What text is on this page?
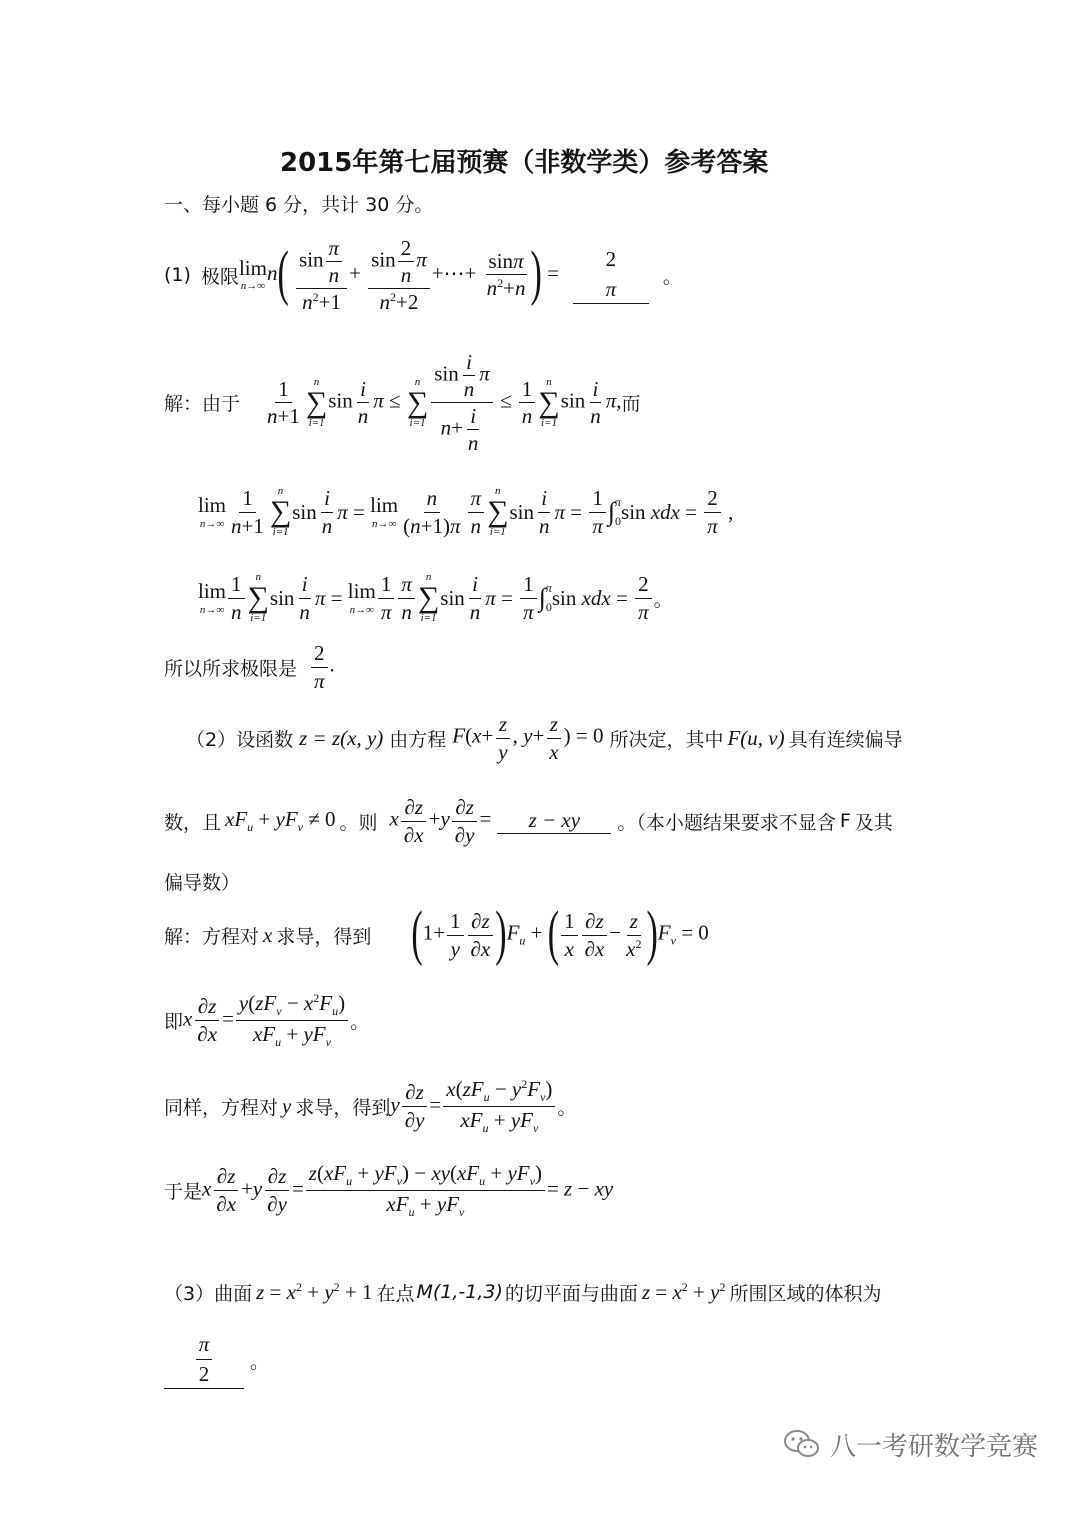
2015年第七届预赛（非数学类）参考答案
一、每小题 6 分，共计 30 分。
(1) 极限 lim
n→∞
$n( \frac{\sin \frac{\pi}{n}}{n^2+1} + \frac{\sin \frac{2}{n} \pi}{n^2+2}$ +⋯+ $\frac{\sin\pi}{n^2+n}$ ) =
2
π 。
解：由于 $\frac{1}{n+1}$ n
∑
i=1
$\sin \frac{i}{n}$ π ≤
n
∑
$i=1 \frac{\sin \frac{i}{n} \pi}{n+ \frac{i}{n}} \le \frac{1}{n}$ n
∑
i=1
$\sin \frac{i}{n} \pi$, 而
lim
$n\to\infty \frac{1}{n+1}$ n
∑
i=1
$\sin \frac{i}{n}$ π = lim
$n\to\infty \frac{n}{(n+1)\pi} \frac{\pi}{n}$ n
∑
i=1
$\sin \frac{i}{n}$ $\pi = \frac{1}{\pi}$ ∫ π
0 sin xdx = $\frac{2}{\pi}$ ,
lim
$n\to\infty \frac{1}{n}$ n
∑
i=1
$\sin \frac{i}{n}$ π = lim
$n\to\infty \frac{1}{\pi} \frac{\pi}{n}$ n
∑
i=1
$\sin \frac{i}{n}$ $\pi = \frac{1}{\pi}$ ∫ π
0 sin xdx = $\frac{2}{\pi}$ 。
所以所求极限是 $\frac{2}{\pi}$ .
（2） 设函数 z = z(x, y) 由方程 $F(x+ \frac{z}{y}$ , $y+ \frac{z}{x}$ ) = 0 所决定，其中 F(u, v) 具有连续偏导
数，且 $xF_u + yF_v \ne 0$ 。则 x $\frac{\partial z}{\partial x} +y \frac{\partial z}{\partial y}$ =	z − xy	。（本小题结果要求不显含 F 及其
偏导数）
解：方程对 x 求导，得到 $(1+ \frac{1}{y} \frac{\partial z}{\partial x} )F_u$ + ( $\frac{1}{x} \frac{\partial z}{\partial x} - \frac{z}{x^2} )F_v = 0$
即 x $\frac{\partial z}{\partial x} = \frac{y(zF_v - x^2F_u)}{xF_u + yF_v}$ 。
同样，方程对 y 求导，得到 y $\frac{\partial z}{\partial y} = \frac{x(zF_u - y^2F_v)}{xF_u + yF_v}$ 。
于是 x $\frac{\partial z}{\partial x} +y \frac{\partial z}{\partial y} = \frac{z(xF_u + yF_v) - xy(xF_u + yF_v)}{xF_u + yF_v} = z$ − xy
（3） 曲面 $z = x^2 + y^2 + 1$ 在点 M(1,-1,3) 的切平面与曲面 $z = x^2 + y^2$ 所围区域的体积为
$\frac{\pi}{2}$ 。
八一考研数学竞赛
